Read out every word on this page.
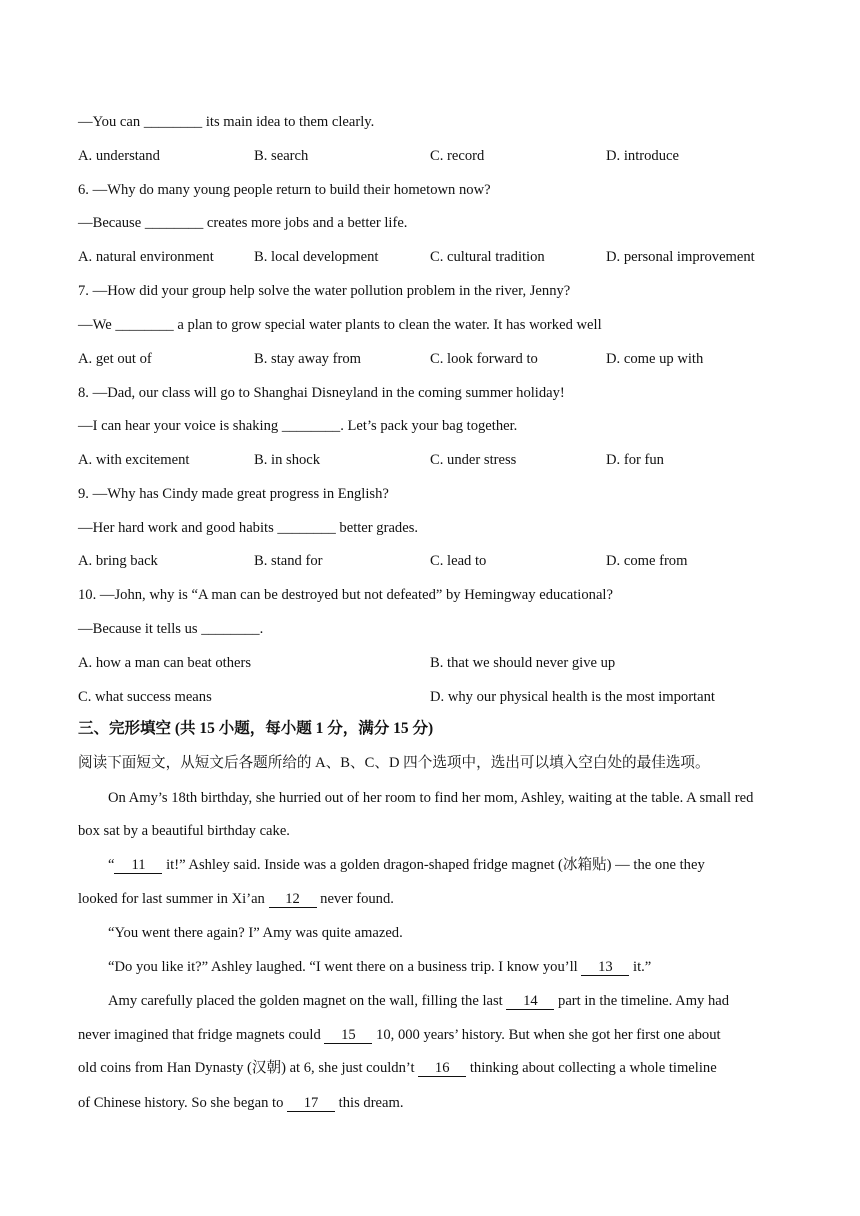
—You can ________ its main idea to them clearly.
A. understand	B. search	C. record	D. introduce
6. —Why do many young people return to build their hometown now?
—Because ________ creates more jobs and a better life.
A. natural environment	B. local development	C. cultural tradition	D. personal improvement
7. —How did your group help solve the water pollution problem in the river, Jenny?
—We ________ a plan to grow special water plants to clean the water. It has worked well
A. get out of	B. stay away from	C. look forward to	D. come up with
8. —Dad, our class will go to Shanghai Disneyland in the coming summer holiday!
—I can hear your voice is shaking ________. Let’s pack your bag together.
A. with excitement	B. in shock	C. under stress	D. for fun
9. —Why has Cindy made great progress in English?
—Her hard work and good habits ________ better grades.
A. bring back	B. stand for	C. lead to	D. come from
10. —John, why is “A man can be destroyed but not defeated” by Hemingway educational?
—Because it tells us ________.
A. how a man can beat others	B. that we should never give up
C. what success means	D. why our physical health is the most important
三、完形填空 (共 15 小题，每小题 1 分，满分 15 分)
阅读下面短文，从短文后各题所给的 A、B、C、D 四个选项中，选出可以填入空白处的最佳选项。
On Amy’s 18th birthday, she hurried out of her room to find her mom, Ashley, waiting at the table. A small red
box sat by a beautiful birthday cake.
“ 11 it!” Ashley said. Inside was a golden dragon-shaped fridge magnet (冰箱贴) — the one they
looked for last summer in Xi’an 12 never found.
“You went there again? I” Amy was quite amazed.
“Do you like it?” Ashley laughed. “I went there on a business trip. I know you’ll 13 it.”
Amy carefully placed the golden magnet on the wall, filling the last 14 part in the timeline. Amy had
never imagined that fridge magnets could 15 10, 000 years’ history. But when she got her first one about
old coins from Han Dynasty (汉朝) at 6, she just couldn’t 16 thinking about collecting a whole timeline
of Chinese history. So she began to 17 this dream.
